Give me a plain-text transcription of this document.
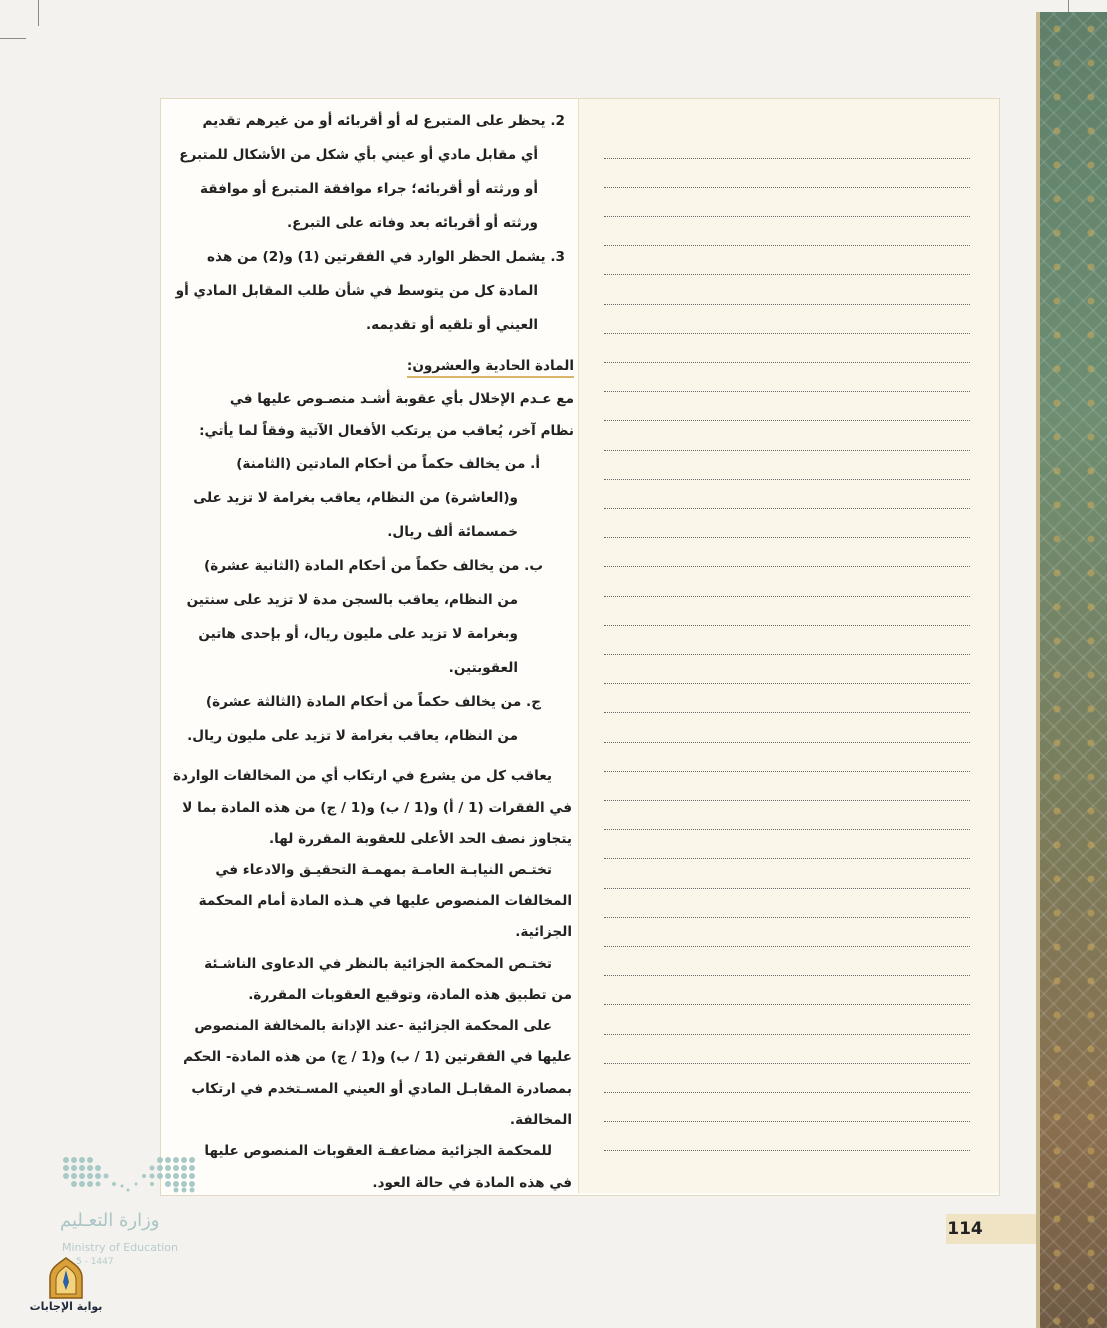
2. يحظر على المتبرع له أو أقربائه أو من غيرهم تقديم
أي مقابل مادي أو عيني بأي شكل من الأشكال للمتبرع
أو ورثته أو أقربائه؛ جراء موافقة المتبرع أو موافقة
ورثته أو أقربائه بعد وفاته على التبرع.
3. يشمل الحظر الوارد في الفقرتين (1) و(2) من هذه
المادة كل من يتوسط في شأن طلب المقابل المادي أو
العيني أو تلقيه أو تقديمه.
المادة الحادية والعشرون:
مع عـدم الإخلال بأي عقوبة أشـد منصـوص عليها في
نظام آخر، يُعاقب من يرتكب الأفعال الآتية وفقاً لما يأتي:
أ. من يخالف حكماً من أحكام المادتين (الثامنة)
و(العاشرة) من النظام، يعاقب بغرامة لا تزيد على
خمسمائة ألف ريال.
ب. من يخالف حكماً من أحكام المادة (الثانية عشرة)
من النظام، يعاقب بالسجن مدة لا تزيد على سنتين
وبغرامة لا تزيد على مليون ريال، أو بإحدى هاتين
العقوبتين.
ج. من يخالف حكماً من أحكام المادة (الثالثة عشرة)
من النظام، يعاقب بغرامة لا تزيد على مليون ريال.
يعاقب كل من يشرع في ارتكاب أي من المخالفات الواردة
في الفقرات (1 / أ) و(1 / ب) و(1 / ج) من هذه المادة بما لا
يتجاوز نصف الحد الأعلى للعقوبة المقررة لها.
تختـص النيابـة العامـة بمهمـة التحقيـق والادعاء في
المخالفات المنصوص عليها في هـذه المادة أمام المحكمة
الجزائية.
تختـص المحكمة الجزائية بالنظر في الدعاوى الناشـئة
من تطبيق هذه المادة، وتوقيع العقوبات المقررة.
على المحكمة الجزائية -عند الإدانة بالمخالفة المنصوص
عليها في الفقرتين (1 / ب) و(1 / ج) من هذه المادة- الحكم
بمصادرة المقابـل المادي أو العيني المسـتخدم في ارتكاب
المخالفة.
للمحكمة الجزائية مضاعفـة العقوبات المنصوص عليها
في هذه المادة في حالة العود.
114
وزارة التعـليم
Ministry of Education
5 - 1447
بوابة الإجابات
